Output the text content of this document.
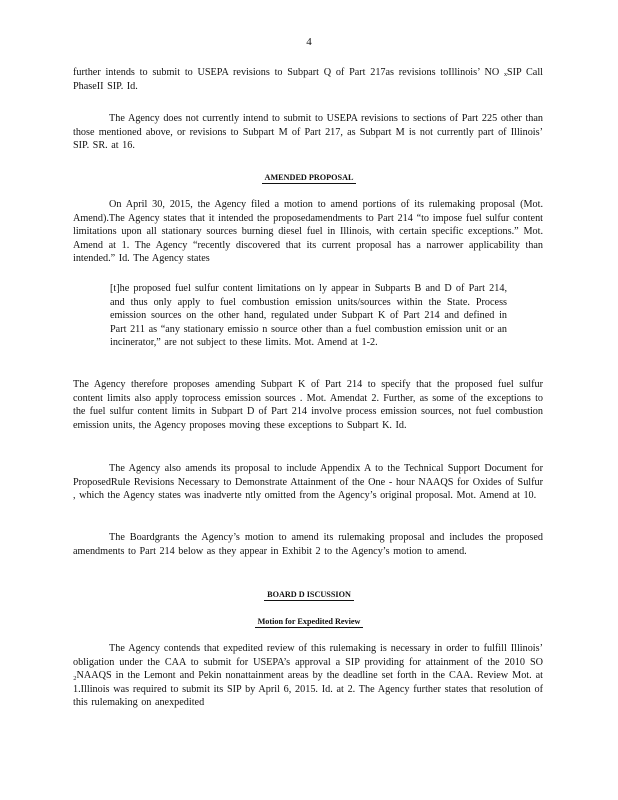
4

further intends to submit to USEPA revisions to Subpart Q of Part 217as revisions toIllinois’ NO ₓSIP Call PhaseII SIP. Id.

The Agency does not currently intend to submit to USEPA revisions to sections of Part 225 other than those mentioned above, or revisions to Subpart M of Part 217, as Subpart M is not currently part of Illinois’ SIP. SR. at 16.

AMENDED PROPOSAL

On April 30, 2015, the Agency filed a motion to amend portions of its rulemaking proposal (Mot. Amend).The Agency states that it intended the proposedamendments to Part 214 “to impose fuel sulfur content limitations upon all stationary sources burning diesel fuel in Illinois, with certain specific exceptions.” Mot. Amend at 1. The Agency “recently discovered that its current proposal has a narrower applicability than intended.” Id. The Agency states

[t]he proposed fuel sulfur content limitations on ly appear in Subparts B and D of Part 214, and thus only apply to fuel combustion emission units/sources within the State. Process emission sources on the other hand, regulated under Subpart K of Part 214 and defined in Part 211 as “any stationary emissio n source other than a fuel combustion emission unit or an incinerator,” are not subject to these limits. Mot. Amend at 1-2.

The Agency therefore proposes amending Subpart K of Part 214 to specify that the proposed fuel sulfur content limits also apply toprocess emission sources . Mot. Amendat 2. Further, as some of the exceptions to the fuel sulfur content limits in Subpart D of Part 214 involve process emission sources, not fuel combustion emission units, the Agency proposes moving these exceptions to Subpart K. Id.

The Agency also amends its proposal to include Appendix A to the Technical Support Document for ProposedRule Revisions Necessary to Demonstrate Attainment of the One - hour NAAQS for Oxides of Sulfur , which the Agency states was inadverte ntly omitted from the Agency’s original proposal. Mot. Amend at 10.

The Boardgrants the Agency’s motion to amend its rulemaking proposal and includes the proposed amendments to Part 214 below as they appear in Exhibit 2 to the Agency’s motion to amend.

BOARD D ISCUSSION
Motion for Expedited Review

The Agency contends that expedited review of this rulemaking is necessary in order to fulfill Illinois’ obligation under the CAA to submit for USEPA’s approval a SIP providing for attainment of the 2010 SO ₂NAAQS in the Lemont and Pekin nonattainment areas by the deadline set forth in the CAA. Review Mot. at 1.Illinois was required to submit its SIP by April 6, 2015. Id. at 2. The Agency further states that resolution of this rulemaking on anexpedited
